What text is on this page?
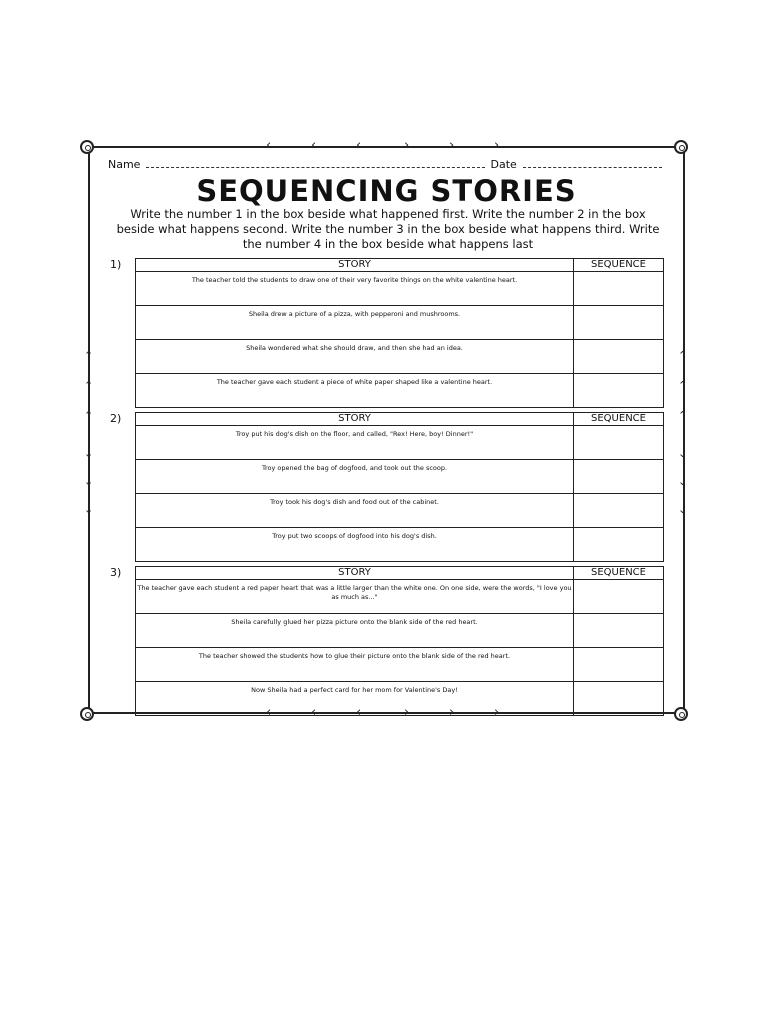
Name	Date
SEQUENCING STORIES
Write the number 1 in the box beside what happened first. Write the number 2 in the box beside what happens second. Write the number 3 in the box beside what happens third. Write the number 4 in the box beside what happens last
1)	STORY	SEQUENCE
The teacher told the students to draw one of their very favorite things on the white valentine heart.	
Sheila drew a picture of a pizza, with pepperoni and mushrooms.	
Sheila wondered what she should draw, and then she had an idea.	
The teacher gave each student a piece of white paper shaped like a valentine heart.	
2)	STORY	SEQUENCE
Troy put his dog's dish on the floor, and called, "Rex! Here, boy! Dinner!"	
Troy opened the bag of dogfood, and took out the scoop.	
Troy took his dog's dish and food out of the cabinet.	
Troy put two scoops of dogfood into his dog's dish.	
3)	STORY	SEQUENCE
The teacher gave each student a red paper heart that was a little larger than the white one. On one side, were the words, "I love you as much as..."	
Sheila carefully glued her pizza picture onto the blank side of the red heart.	
The teacher showed the students how to glue their picture onto the blank side of the red heart.	
Now Sheila had a perfect card for her mom for Valentine's Day!	
‹	‹	‹	›	›	›
‹	‹	‹	›	›	›
⌃
⌃
⌃
⌄
⌄
⌄
⌃
⌃
⌃
⌄
⌄
⌄
